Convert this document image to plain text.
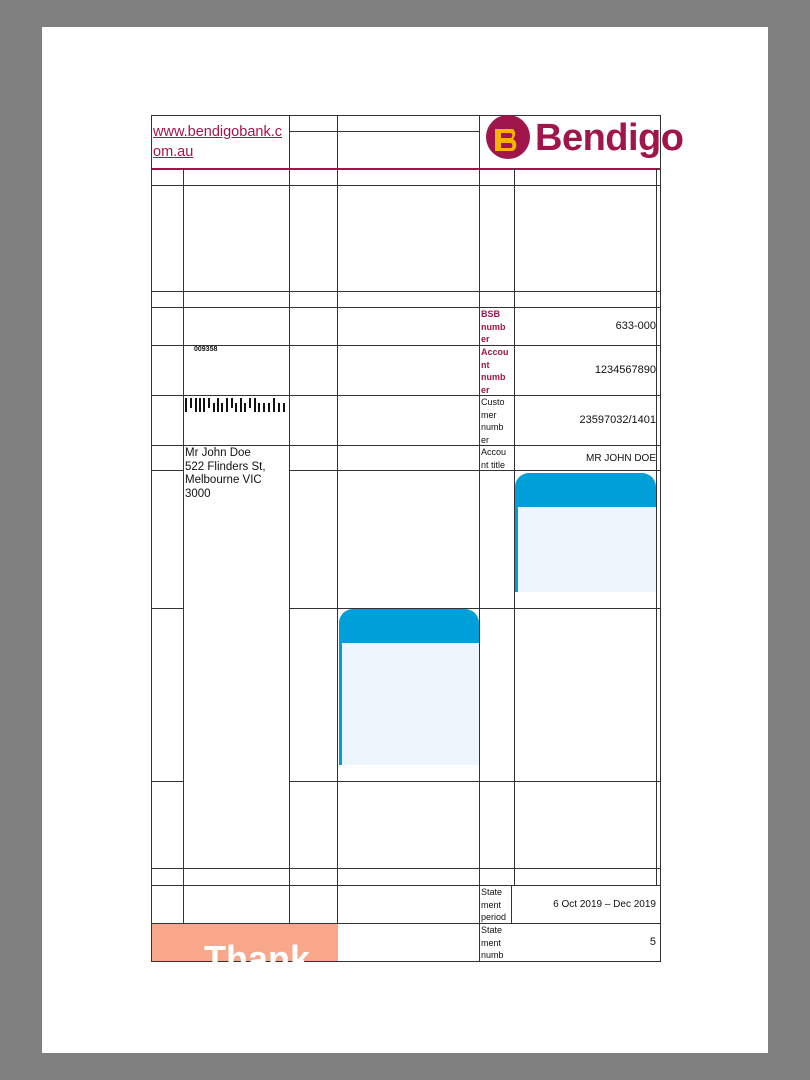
www.bendigobank.com.au	Bendigo
009358
Mr John Doe
522 Flinders St,
Melbourne VIC
3000
BSB numb er
633-000
Accou nt numb er
1234567890
Custo mer numb er
23597032/1401
Accou nt title
MR JOHN DOE
State ment period
6 Oct 2019 – Dec 2019
State ment numb
5
Thank
